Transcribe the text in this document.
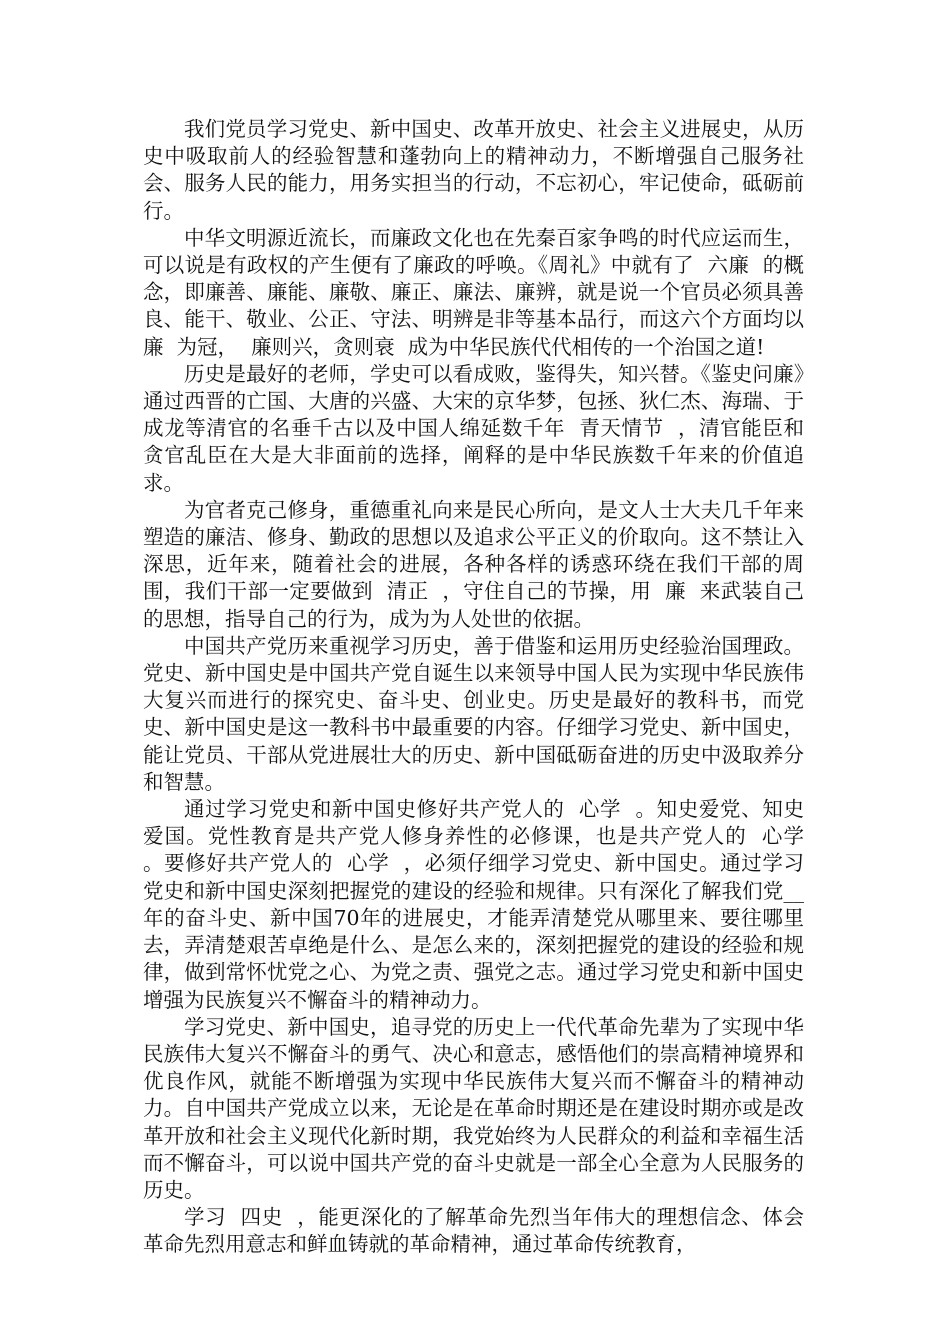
我们党员学习党史、新中国史、改革开放史、社会主义进展史，从历史中吸取前人的经验智慧和蓬勃向上的精神动力，不断增强自己服务社会、服务人民的能力，用务实担当的行动，不忘初心，牢记使命，砥砺前行。

中华文明源近流长，而廉政文化也在先秦百家争鸣的时代应运而生，可以说是有政权的产生便有了廉政的呼唤。《周礼》中就有了  六廉  的概念，即廉善、廉能、廉敬、廉正、廉法、廉辨，就是说一个官员必须具善良、能干、敬业、公正、守法、明辨是非等基本品行，而这六个方面均以  廉  为冠，  廉则兴，贪则衰  成为中华民族代代相传的一个治国之道!

历史是最好的老师，学史可以看成败，鉴得失，知兴替。《鉴史问廉》通过西晋的亡国、大唐的兴盛、大宋的京华梦，包拯、狄仁杰、海瑞、于成龙等清官的名垂千古以及中国人绵延数千年  青天情节  ，清官能臣和贪官乱臣在大是大非面前的选择，阐释的是中华民族数千年来的价值追求。

为官者克己修身，重德重礼向来是民心所向，是文人士大夫几千年来塑造的廉洁、修身、勤政的思想以及追求公平正义的价取向。这不禁让入深思，近年来，随着社会的进展，各种各样的诱惑环绕在我们干部的周围，我们干部一定要做到  清正  ，守住自己的节操，用  廉  来武装自己的思想，指导自己的行为，成为为人处世的依据。

中国共产党历来重视学习历史，善于借鉴和运用历史经验治国理政。党史、新中国史是中国共产党自诞生以来领导中国人民为实现中华民族伟大复兴而进行的探究史、奋斗史、创业史。历史是最好的教科书，而党史、新中国史是这一教科书中最重要的内容。仔细学习党史、新中国史，能让党员、干部从党进展壮大的历史、新中国砥砺奋进的历史中汲取养分和智慧。

通过学习党史和新中国史修好共产党人的  心学  。知史爱党、知史爱国。党性教育是共产党人修身养性的必修课，也是共产党人的  心学  。要修好共产党人的  心学  ，必须仔细学习党史、新中国史。通过学习党史和新中国史深刻把握党的建设的经验和规律。只有深化了解我们党__年的奋斗史、新中国70年的进展史，才能弄清楚党从哪里来、要往哪里去，弄清楚艰苦卓绝是什么、是怎么来的，深刻把握党的建设的经验和规律，做到常怀忧党之心、为党之责、强党之志。通过学习党史和新中国史增强为民族复兴不懈奋斗的精神动力。

学习党史、新中国史，追寻党的历史上一代代革命先辈为了实现中华民族伟大复兴不懈奋斗的勇气、决心和意志，感悟他们的崇高精神境界和优良作风，就能不断增强为实现中华民族伟大复兴而不懈奋斗的精神动力。自中国共产党成立以来，无论是在革命时期还是在建设时期亦或是改革开放和社会主义现代化新时期，我党始终为人民群众的利益和幸福生活而不懈奋斗，可以说中国共产党的奋斗史就是一部全心全意为人民服务的历史。

学习  四史  ，能更深化的了解革命先烈当年伟大的理想信念、体会革命先烈用意志和鲜血铸就的革命精神，通过革命传统教育，
